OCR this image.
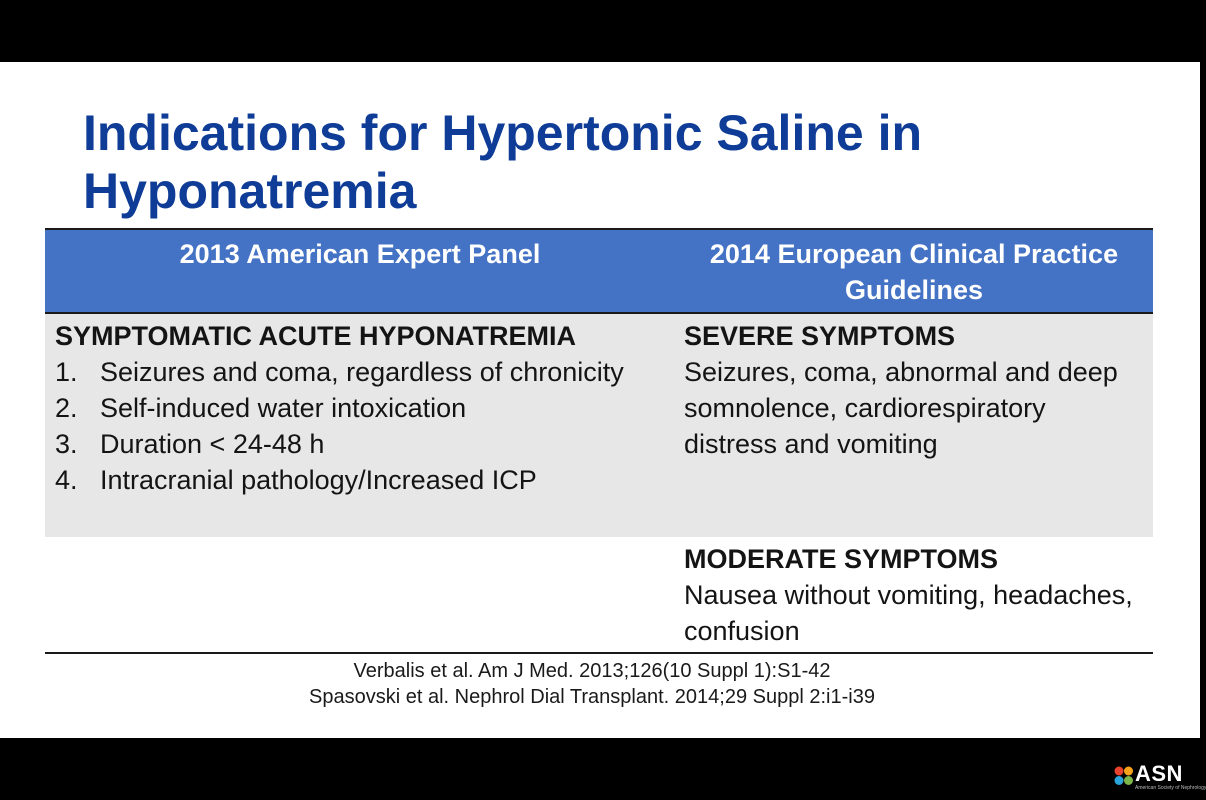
Indications for Hypertonic Saline in Hyponatremia
2013 American Expert Panel	2014 European Clinical Practice Guidelines
SYMPTOMATIC ACUTE HYPONATREMIA
1. Seizures and coma, regardless of chronicity
2. Self-induced water intoxication
3. Duration < 24-48 h
4. Intracranial pathology/Increased ICP
SEVERE SYMPTOMS
Seizures, coma, abnormal and deep somnolence, cardiorespiratory distress and vomiting
MODERATE SYMPTOMS
Nausea without vomiting, headaches, confusion
Verbalis et al. Am J Med. 2013;126(10 Suppl 1):S1-42
Spasovski et al. Nephrol Dial Transplant. 2014;29 Suppl 2:i1-i39
ASN
American Society of Nephrology
